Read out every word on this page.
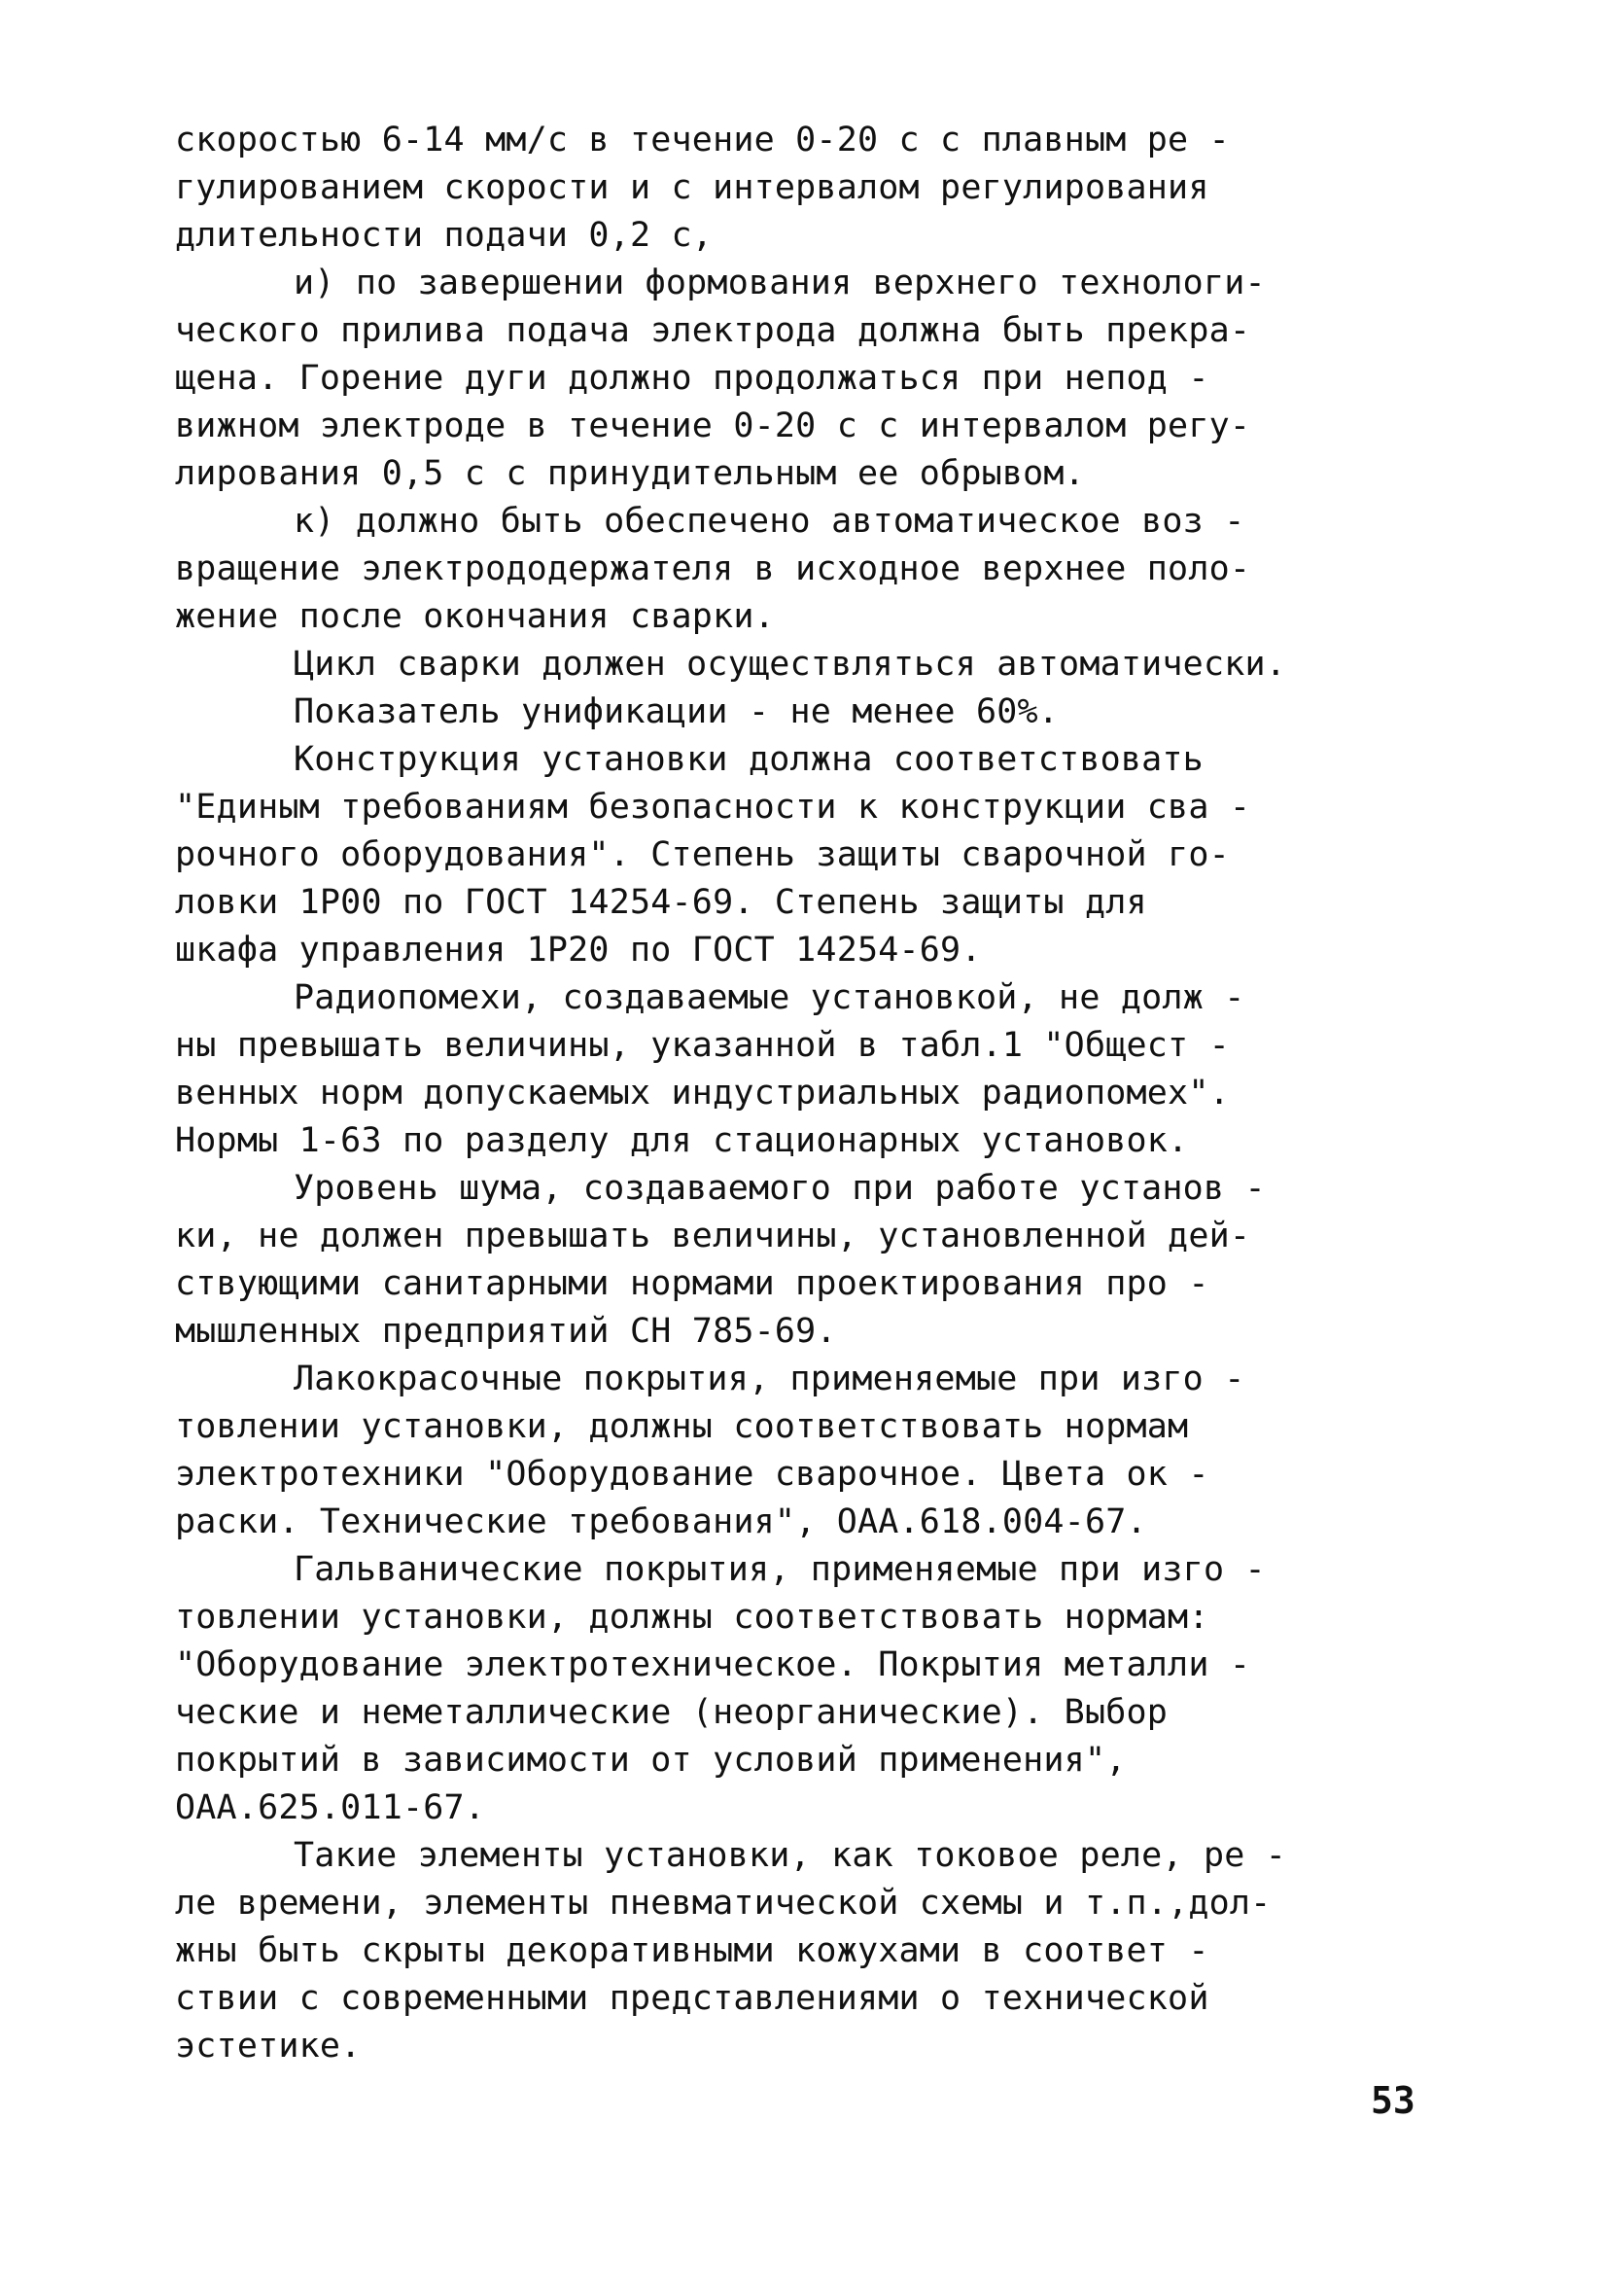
скоростью 6-14 мм/с в течение 0-20 с с плавным ре -
гулированием скорости и с интервалом регулирования
длительности подачи 0,2 с,
и) по завершении формования верхнего технологи-
ческого прилива подача электрода должна быть прекра-
щена. Горение дуги должно продолжаться при непод -
вижном электроде в течение 0-20 с с интервалом регу-
лирования 0,5 с с принудительным ее обрывом.
к) должно быть обеспечено автоматическое воз -
вращение электрододержателя в исходное верхнее поло-
жение после окончания сварки.
Цикл сварки должен осуществляться автоматически.
Показатель унификации - не менее 60%.
Конструкция установки должна соответствовать
"Единым требованиям безопасности к конструкции сва -
рочного оборудования". Степень защиты сварочной го-
ловки 1Р00 по ГОСТ 14254-69. Степень защиты для
шкафа управления 1Р20 по ГОСТ 14254-69.
Радиопомехи, создаваемые установкой, не долж -
ны превышать величины, указанной в табл.1 "Общест -
венных норм допускаемых индустриальных радиопомех".
Нормы 1-63 по разделу для стационарных установок.
Уровень шума, создаваемого при работе установ -
ки, не должен превышать величины, установленной дей-
ствующими санитарными нормами проектирования про -
мышленных предприятий СН 785-69.
Лакокрасочные покрытия, применяемые при изго -
товлении установки, должны соответствовать нормам
электротехники "Оборудование сварочное. Цвета ок -
раски. Технические требования", ОАА.618.004-67.
Гальванические покрытия, применяемые при изго -
товлении установки, должны соответствовать нормам:
"Оборудование электротехническое. Покрытия металли -
ческие и неметаллические (неорганические). Выбор
покрытий в зависимости от условий применения",
ОАА.625.011-67.
Такие элементы установки, как токовое реле, ре -
ле времени, элементы пневматической схемы и т.п.,дол-
жны быть скрыты декоративными кожухами в соответ -
ствии с современными представлениями о технической
эстетике.
53
